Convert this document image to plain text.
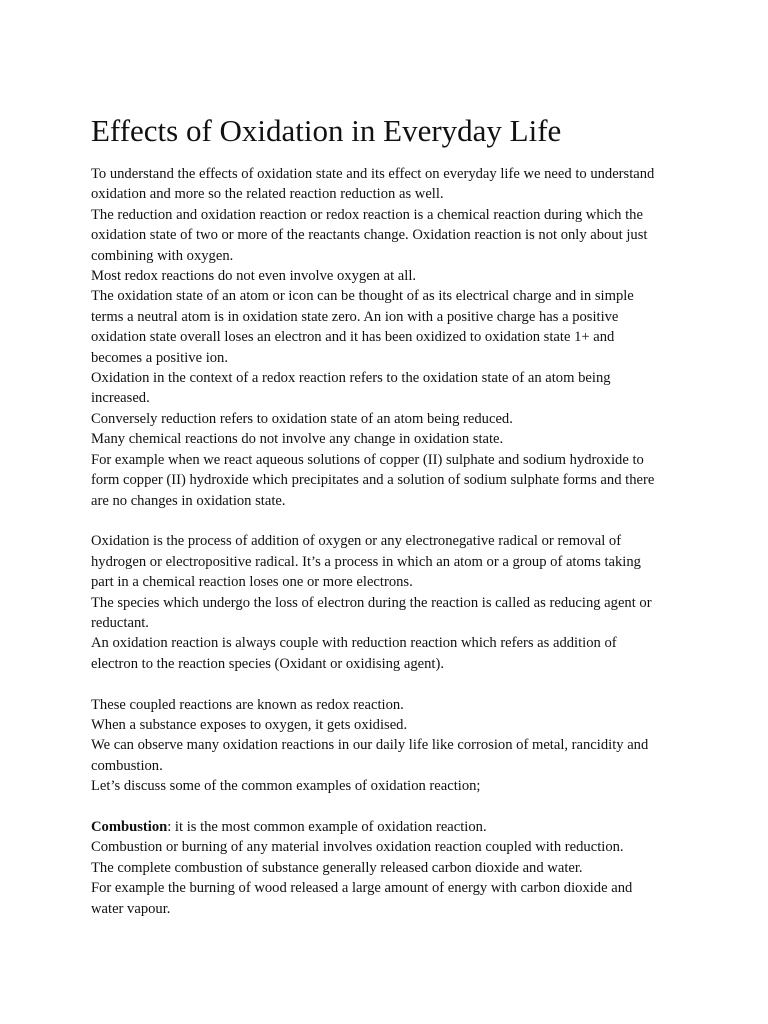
Effects of Oxidation in Everyday Life
To understand the effects of oxidation state and its effect on everyday life we need to understand
oxidation and more so the related reaction reduction as well.
The reduction and oxidation reaction or redox reaction is a chemical reaction during which the
oxidation state of two or more of the reactants change. Oxidation reaction is not only about just
combining with oxygen.
Most redox reactions do not even involve oxygen at all.
The oxidation state of an atom or icon can be thought of as its electrical charge and in simple
terms a neutral atom is in oxidation state zero. An ion with a positive charge has a positive
oxidation state overall loses an electron and it has been oxidized to oxidation state 1+ and
becomes a positive ion.
Oxidation in the context of a redox reaction refers to the oxidation state of an atom being
increased.
Conversely reduction refers to oxidation state of an atom being reduced.
Many chemical reactions do not involve any change in oxidation state.
For example when we react aqueous solutions of copper (II) sulphate and sodium hydroxide to
form copper (II) hydroxide which precipitates and a solution of sodium sulphate forms and there
are no changes in oxidation state.
Oxidation is the process of addition of oxygen or any electronegative radical or removal of
hydrogen or electropositive radical. It’s a process in which an atom or a group of atoms taking
part in a chemical reaction loses one or more electrons.
The species which undergo the loss of electron during the reaction is called as reducing agent or
reductant.
An oxidation reaction is always couple with reduction reaction which refers as addition of
electron to the reaction species (Oxidant or oxidising agent).
These coupled reactions are known as redox reaction.
When a substance exposes to oxygen, it gets oxidised.
We can observe many oxidation reactions in our daily life like corrosion of metal, rancidity and
combustion.
Let’s discuss some of the common examples of oxidation reaction;
Combustion: it is the most common example of oxidation reaction.
Combustion or burning of any material involves oxidation reaction coupled with reduction.
The complete combustion of substance generally released carbon dioxide and water.
For example the burning of wood released a large amount of energy with carbon dioxide and
water vapour.
